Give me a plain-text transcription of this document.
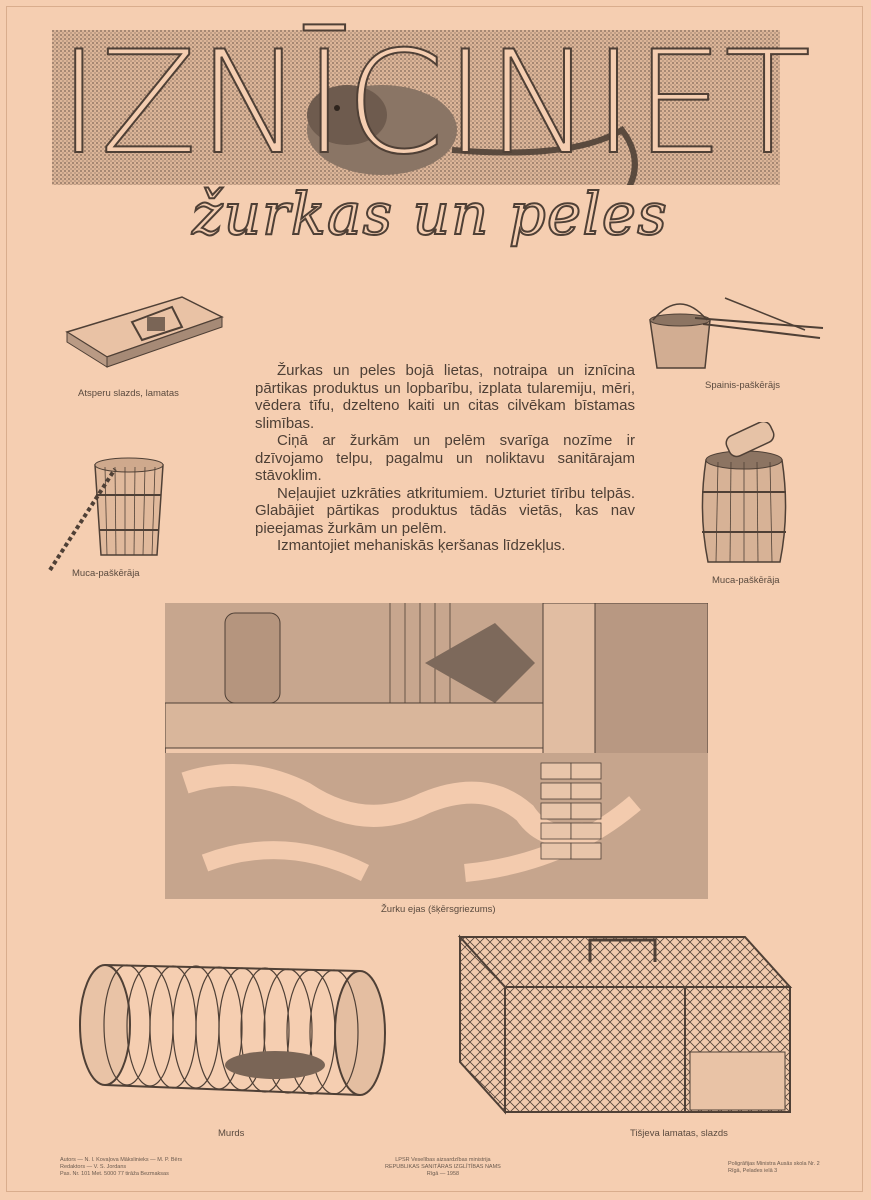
I Z N Ī C I N I E T
žurkas un peles
Atsperu slazds, lamatas
Spainis-paškērājs
Muca-paškērāja
Muca-paškērāja

Žurkas un peles bojā lietas, notraipa un iznīcina pārtikas produktus un lopbarību, izplata tularemiju, mēri, vēdera tīfu, dzelteno kaiti un citas cilvēkam bīstamas slimības.

Ciņā ar žurkām un pelēm svarīga nozīme ir dzīvojamo telpu, pagalmu un noliktavu sanitārajam stāvoklim.

Neļaujiet uzkrāties atkritumiem. Uzturiet tīrību telpās. Glabājiet pārtikas produktus tādās vietās, kas nav pieejamas žurkām un pelēm.

Izmantojiet mehaniskās ķeršanas līdzekļus.

Žurku ejas (šķērsgriezums)
Murds	Tišjeva lamatas, slazds
Autors — N. I. Kovaļova Mākslinieks — M. P. Bērs
Redaktors — V. S. Jordans
Pas. Nr. 101 Met. 5000 77 tirāža Bezmaksas
LPSR Veselības aizsardzības ministrija
REPUBLIKAS SANITĀRAS IZGLĪTĪBAS NAMS
Rīgā — 1958
Poligrāfijas Ministra Ausās skola Nr. 2
Rīgā, Pelades ielā 3
